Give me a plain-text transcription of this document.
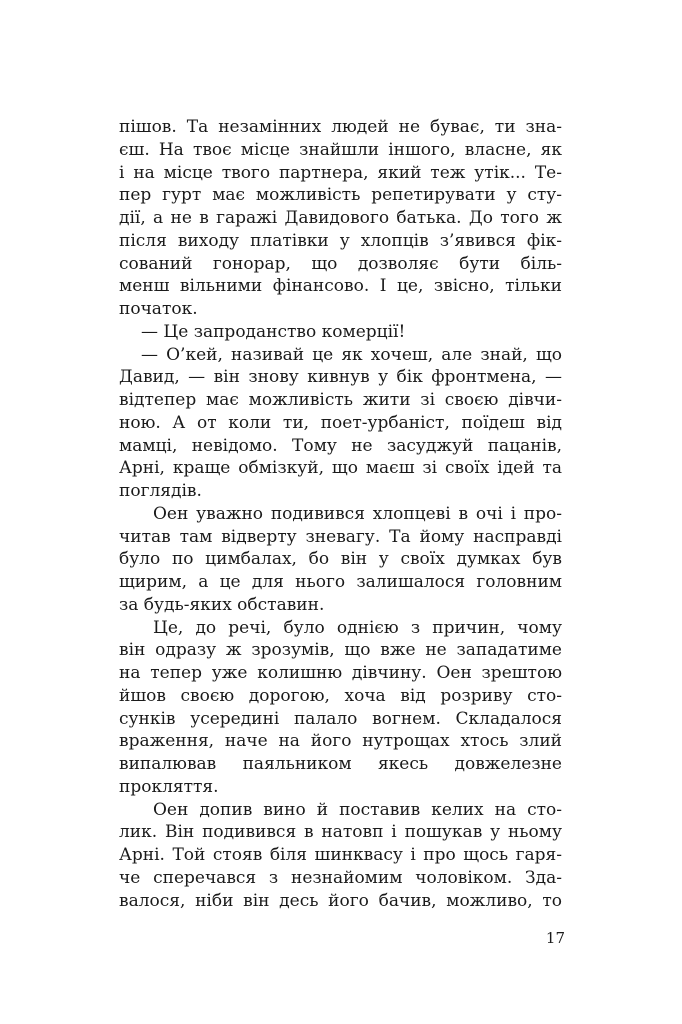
пішов. Та незамінних людей не буває, ти зна-
єш. На твоє місце знайшли іншого, власне, як
і на місце твого партнера, який теж утік... Те-
пер гурт має можливість репетирувати у сту-
дії, а не в гаражі Давидового батька. До того ж
після виходу платівки у хлопців з’явився фік-
сований гонорар, що дозволяє бути біль-
менш вільними фінансово. І це, звісно, тільки
початок.
— Це запроданство комерції!
— О’кей, називай це як хочеш, але знай, що
Давид, — він знову кивнув у бік фронтмена, —
відтепер має можливість жити зі своєю дівчи-
ною. А от коли ти, поет-урбаніст, поїдеш від
мамці, невідомо. Тому не засуджуй пацанів,
Арні, краще обмізкуй, що маєш зі своїх ідей та
поглядів.
Оен уважно подивився хлопцеві в очі і про-
читав там відверту зневагу. Та йому насправді
було по цимбалах, бо він у своїх думках був
щирим, а це для нього залишалося головним
за будь-яких обставин.
Це, до речі, було однією з причин, чому
він одразу ж зрозумів, що вже не западатиме
на тепер уже колишню дівчину. Оен зрештою
йшов своєю дорогою, хоча від розриву сто-
сунків усередині палало вогнем. Складалося
враження, наче на його нутрощах хтось злий
випалював паяльником якесь довжелезне
прокляття.
Оен допив вино й поставив келих на сто-
лик. Він подивився в натовп і пошукав у ньому
Арні. Той стояв біля шинквасу і про щось гаря-
че сперечався з незнайомим чоловіком. Зда-
валося, ніби він десь його бачив, можливо, то
17
